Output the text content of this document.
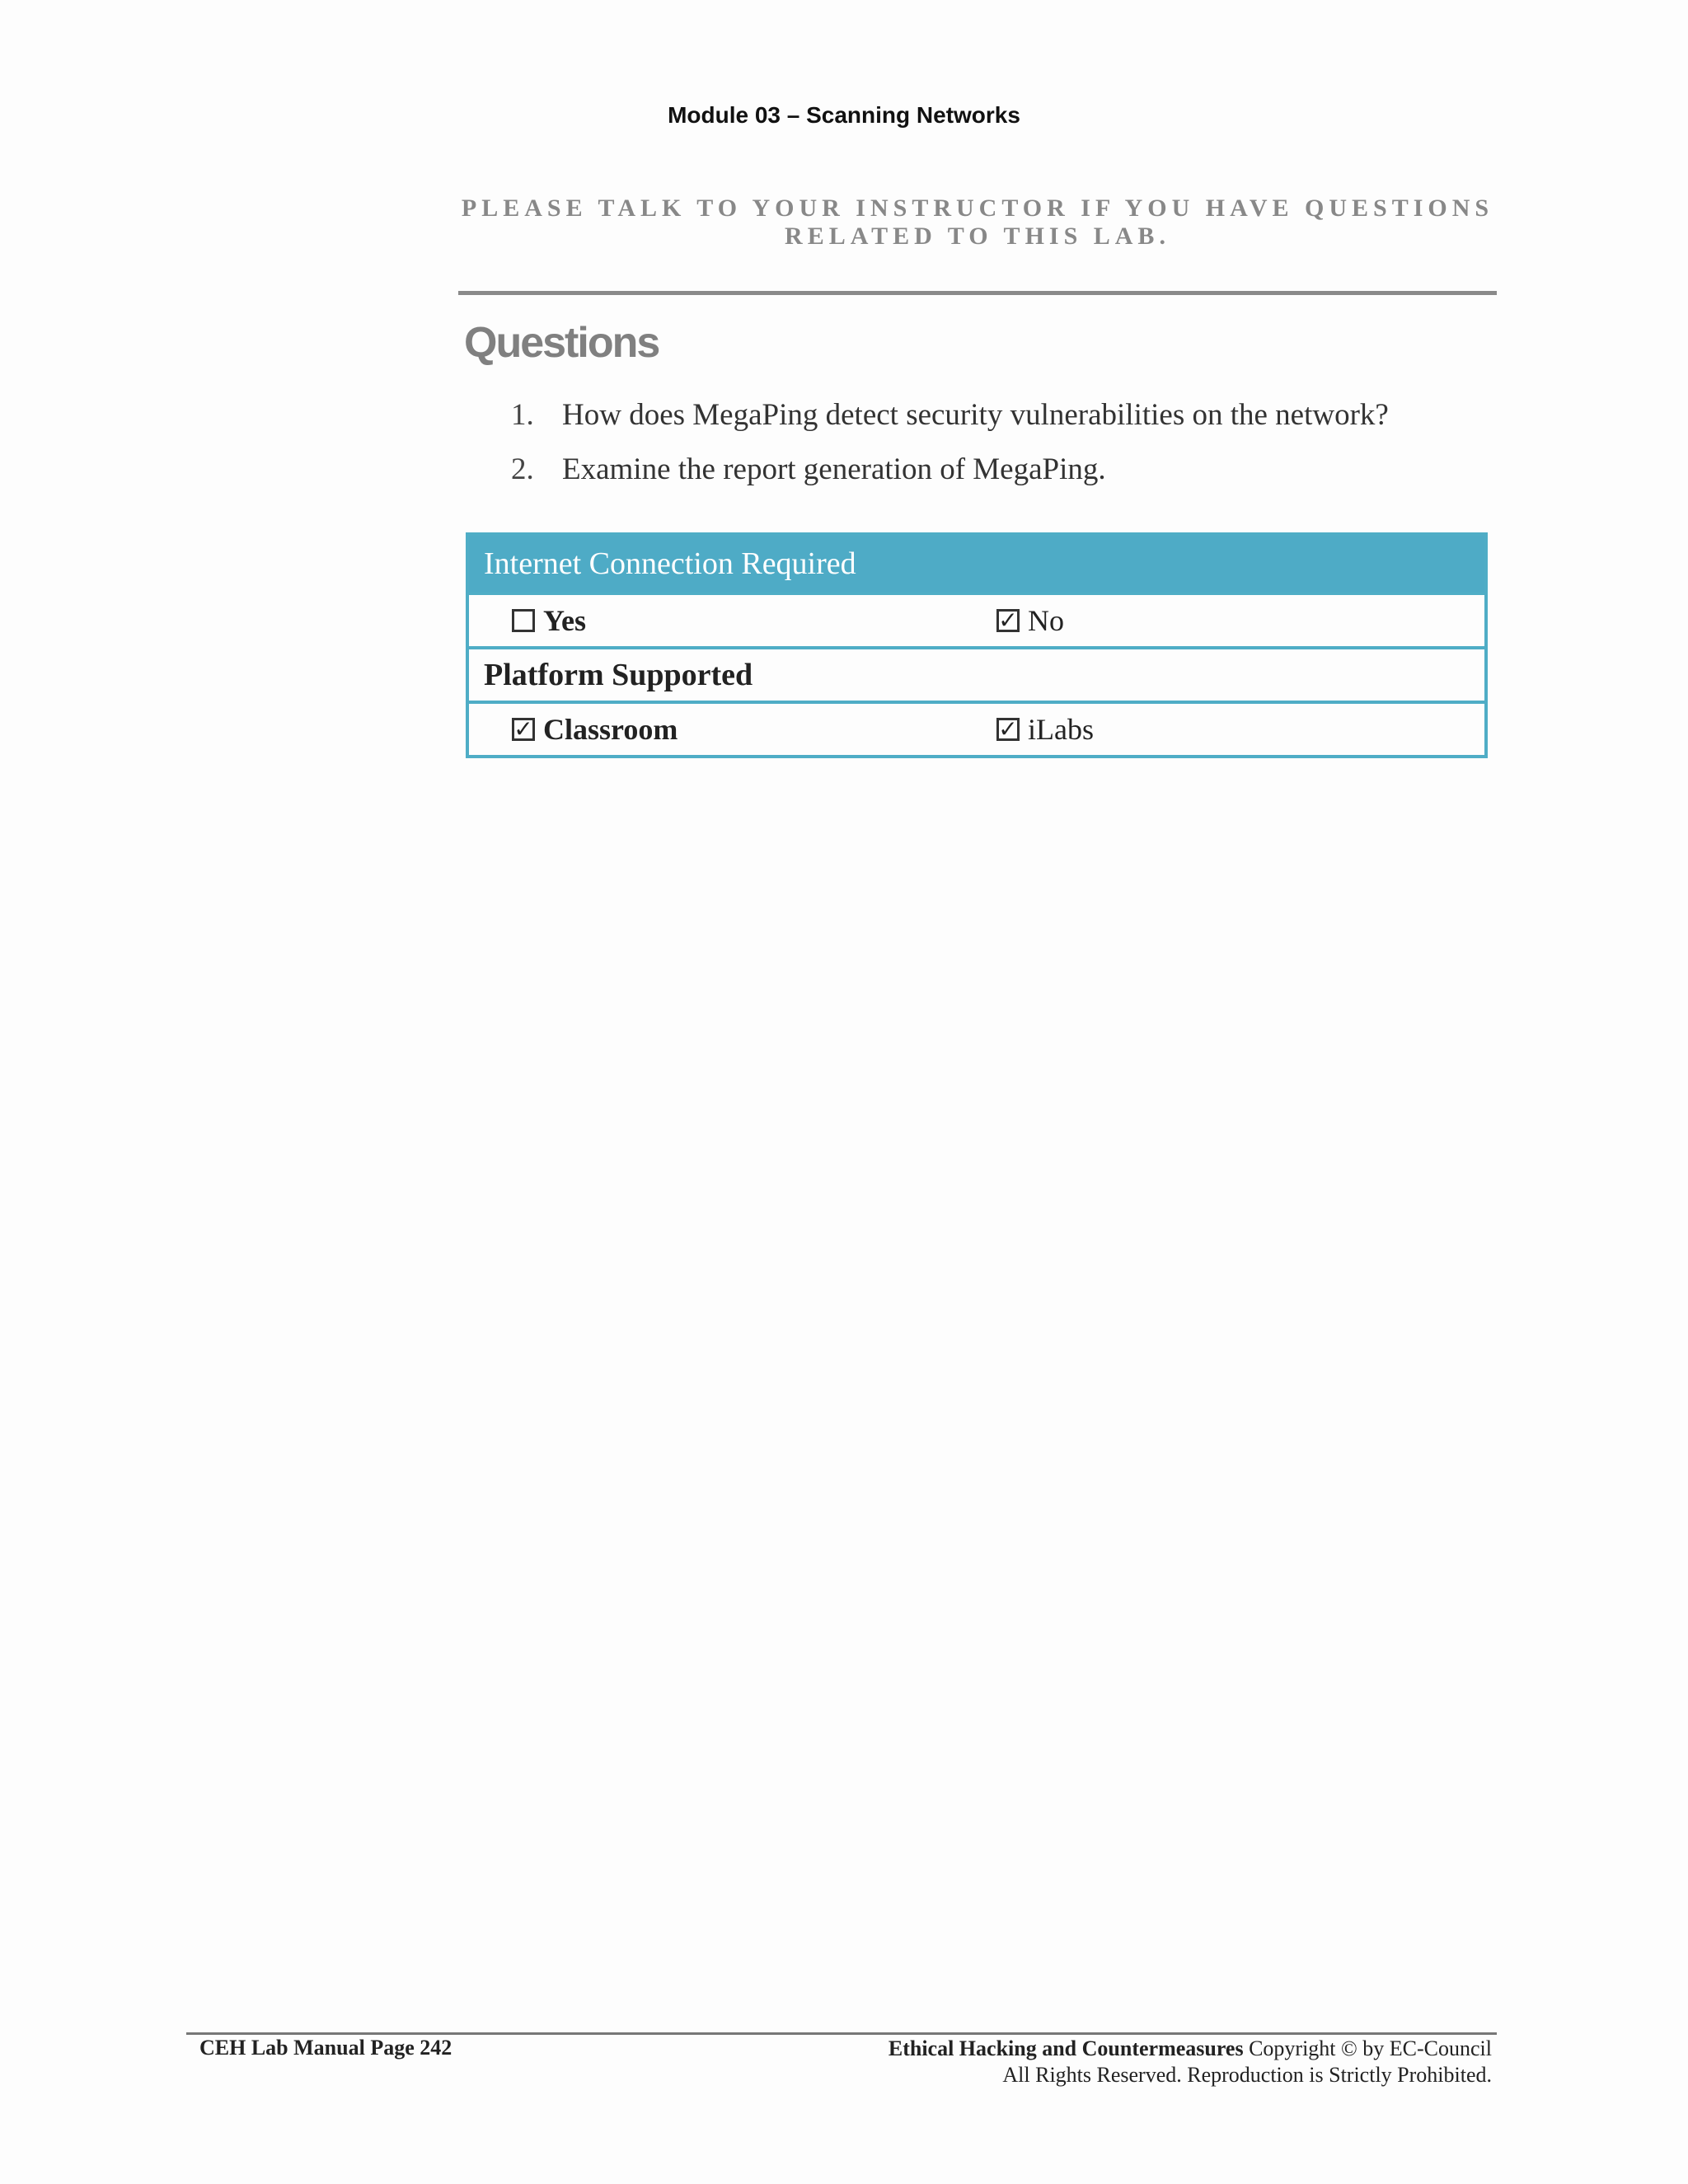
Module 03 – Scanning Networks
PLEASE TALK TO YOUR INSTRUCTOR IF YOU HAVE QUESTIONS
RELATED TO THIS LAB.
Questions
1. How does MegaPing detect security vulnerabilities on the network?
2. Examine the report generation of MegaPing.
Internet Connection Required
Yes	✓ No
Platform Supported
✓ Classroom	✓ iLabs
CEH Lab Manual Page 242	Ethical Hacking and Countermeasures Copyright © by EC-Council
All Rights Reserved. Reproduction is Strictly Prohibited.
